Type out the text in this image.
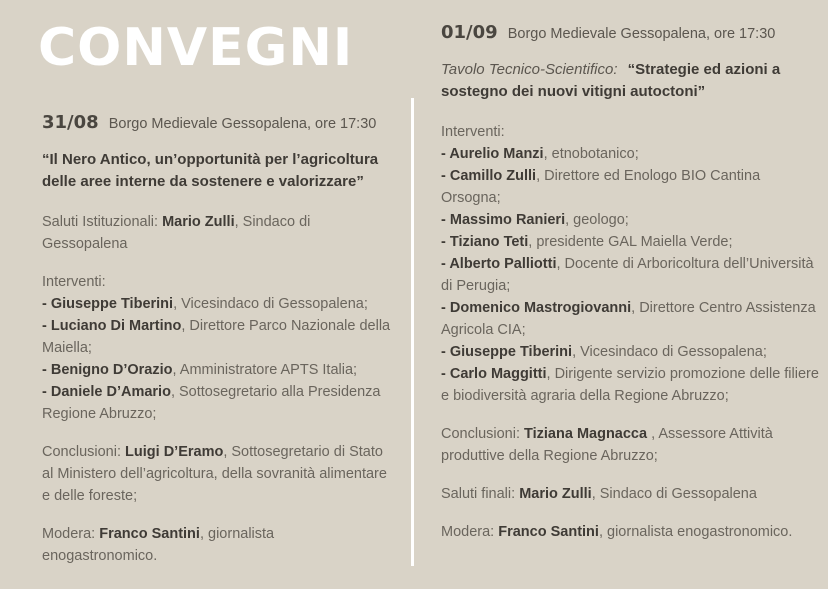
CONVEGNI

31/08 Borgo Medievale Gessopalena, ore 17:30

“Il Nero Antico, un’opportunità per l’agricoltura delle aree interne da sostenere e valorizzare”

Saluti Istituzionali: Mario Zulli, Sindaco di Gessopalena

Interventi:

- Giuseppe Tiberini, Vicesindaco di Gessopalena;

- Luciano Di Martino, Direttore Parco Nazionale della Maiella;

- Benigno D’Orazio, Amministratore APTS Italia;

- Daniele D’Amario, Sottosegretario alla Presidenza Regione Abruzzo;

Conclusioni: Luigi D’Eramo, Sottosegretario di Stato al Ministero dell’agricoltura, della sovranità alimentare e delle foreste;

Modera: Franco Santini, giornalista enogastronomico.

01/09 Borgo Medievale Gessopalena, ore 17:30

Tavolo Tecnico-Scientifico: “Strategie ed azioni a sostegno dei nuovi vitigni autoctoni”

Interventi:

- Aurelio Manzi, etnobotanico;

- Camillo Zulli, Direttore ed Enologo BIO Cantina Orsogna;

- Massimo Ranieri, geologo;

- Tiziano Teti, presidente GAL Maiella Verde;

- Alberto Palliotti, Docente di Arboricoltura dell’Università di Perugia;

- Domenico Mastrogiovanni, Direttore Centro Assistenza Agricola CIA;

- Giuseppe Tiberini, Vicesindaco di Gessopalena;

- Carlo Maggitti, Dirigente servizio promozione delle filiere e biodiversità agraria della Regione Abruzzo;

Conclusioni: Tiziana Magnacca , Assessore Attività produttive della Regione Abruzzo;

Saluti finali: Mario Zulli, Sindaco di Gessopalena

Modera: Franco Santini, giornalista enogastronomico.
